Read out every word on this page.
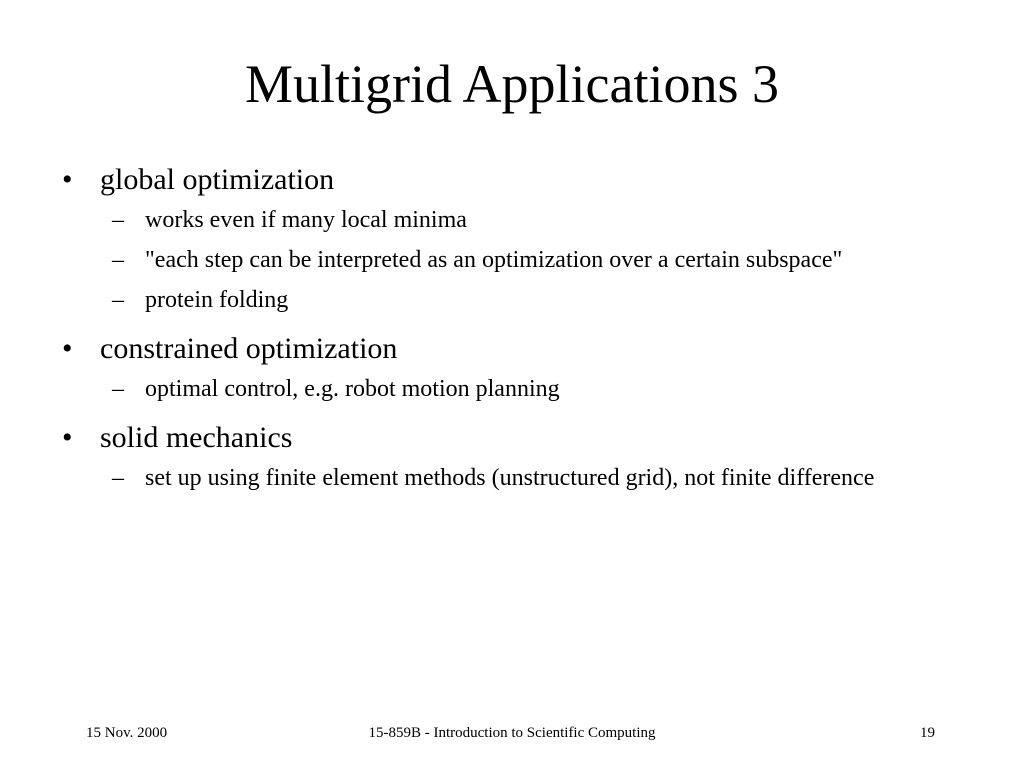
Multigrid Applications 3
• global optimization
– works even if many local minima
– "each step can be interpreted as an optimization over a certain subspace"
– protein folding
• constrained optimization
– optimal control, e.g. robot motion planning
• solid mechanics
– set up using finite element methods (unstructured grid), not finite difference
15 Nov. 2000	15-859B - Introduction to Scientific Computing	19
